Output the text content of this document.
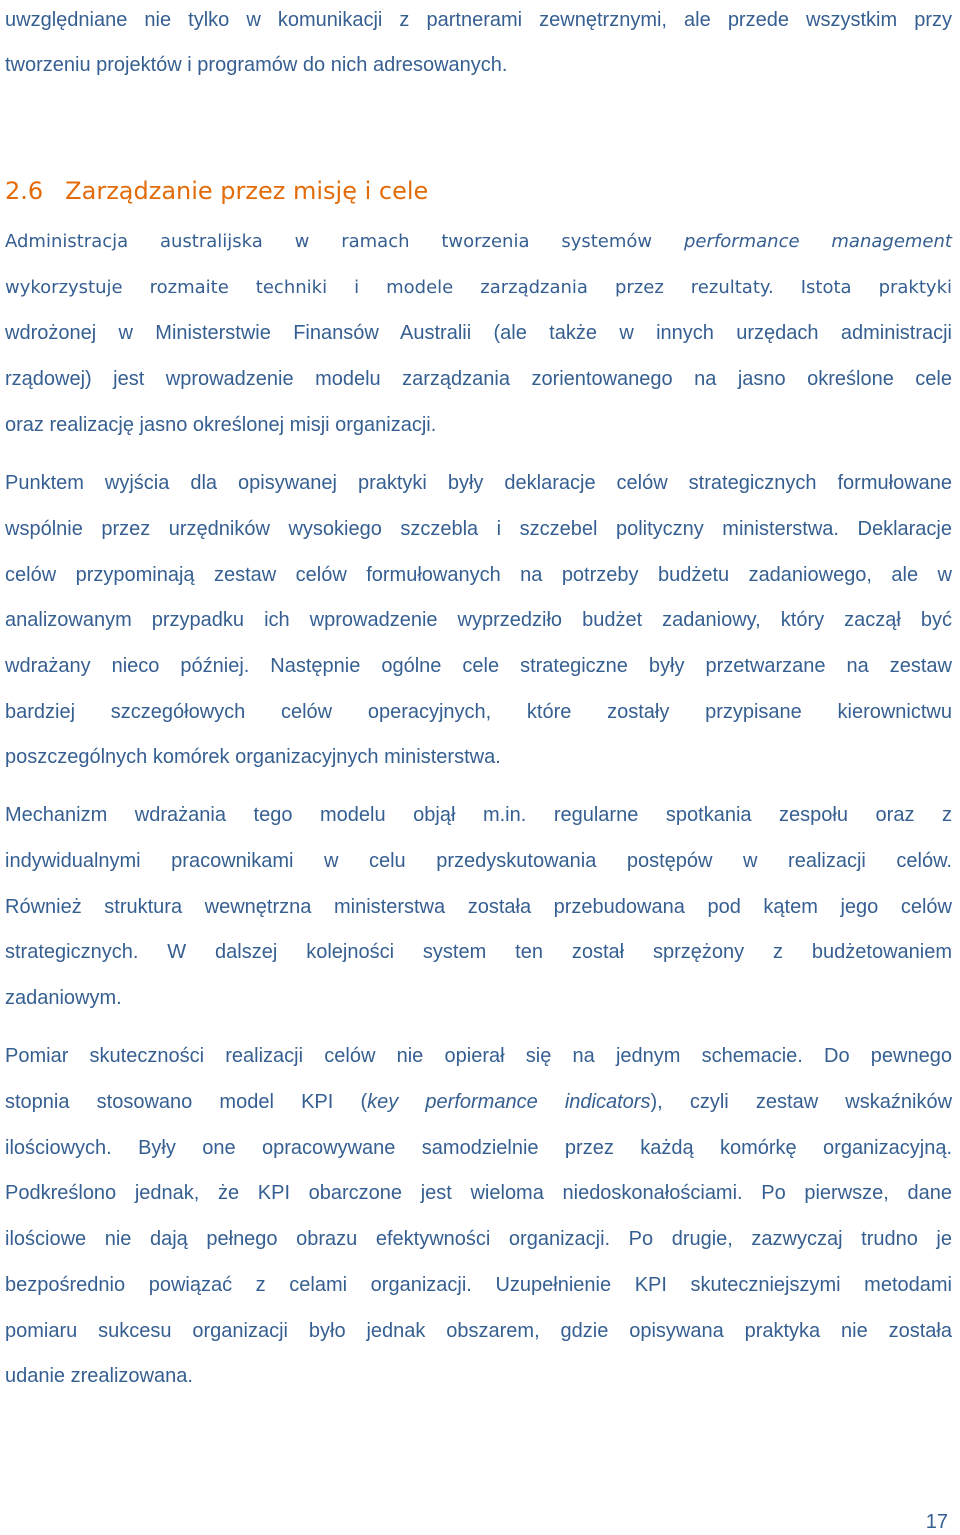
uwzględniane nie tylko w komunikacji z partnerami zewnętrznymi, ale przede wszystkim przy
tworzeniu projektów i programów do nich adresowanych.
2.6 Zarządzanie przez misję i cele
Administracja australijska w ramach tworzenia systemów performance management
wykorzystuje rozmaite techniki i modele zarządzania przez rezultaty. Istota praktyki
wdrożonej w Ministerstwie Finansów Australii (ale także w innych urzędach administracji
rządowej) jest wprowadzenie modelu zarządzania zorientowanego na jasno określone cele
oraz realizację jasno określonej misji organizacji.
Punktem wyjścia dla opisywanej praktyki były deklaracje celów strategicznych formułowane
wspólnie przez urzędników wysokiego szczebla i szczebel polityczny ministerstwa. Deklaracje
celów przypominają zestaw celów formułowanych na potrzeby budżetu zadaniowego, ale w
analizowanym przypadku ich wprowadzenie wyprzedziło budżet zadaniowy, który zaczął być
wdrażany nieco później. Następnie ogólne cele strategiczne były przetwarzane na zestaw
bardziej szczegółowych celów operacyjnych, które zostały przypisane kierownictwu
poszczególnych komórek organizacyjnych ministerstwa.
Mechanizm wdrażania tego modelu objął m.in. regularne spotkania zespołu oraz z
indywidualnymi pracownikami w celu przedyskutowania postępów w realizacji celów.
Również struktura wewnętrzna ministerstwa została przebudowana pod kątem jego celów
strategicznych. W dalszej kolejności system ten został sprzężony z budżetowaniem
zadaniowym.
Pomiar skuteczności realizacji celów nie opierał się na jednym schemacie. Do pewnego
stopnia stosowano model KPI (key performance indicators), czyli zestaw wskaźników
ilościowych. Były one opracowywane samodzielnie przez każdą komórkę organizacyjną.
Podkreślono jednak, że KPI obarczone jest wieloma niedoskonałościami. Po pierwsze, dane
ilościowe nie dają pełnego obrazu efektywności organizacji. Po drugie, zazwyczaj trudno je
bezpośrednio powiązać z celami organizacji. Uzupełnienie KPI skuteczniejszymi metodami
pomiaru sukcesu organizacji było jednak obszarem, gdzie opisywana praktyka nie została
udanie zrealizowana.
17
